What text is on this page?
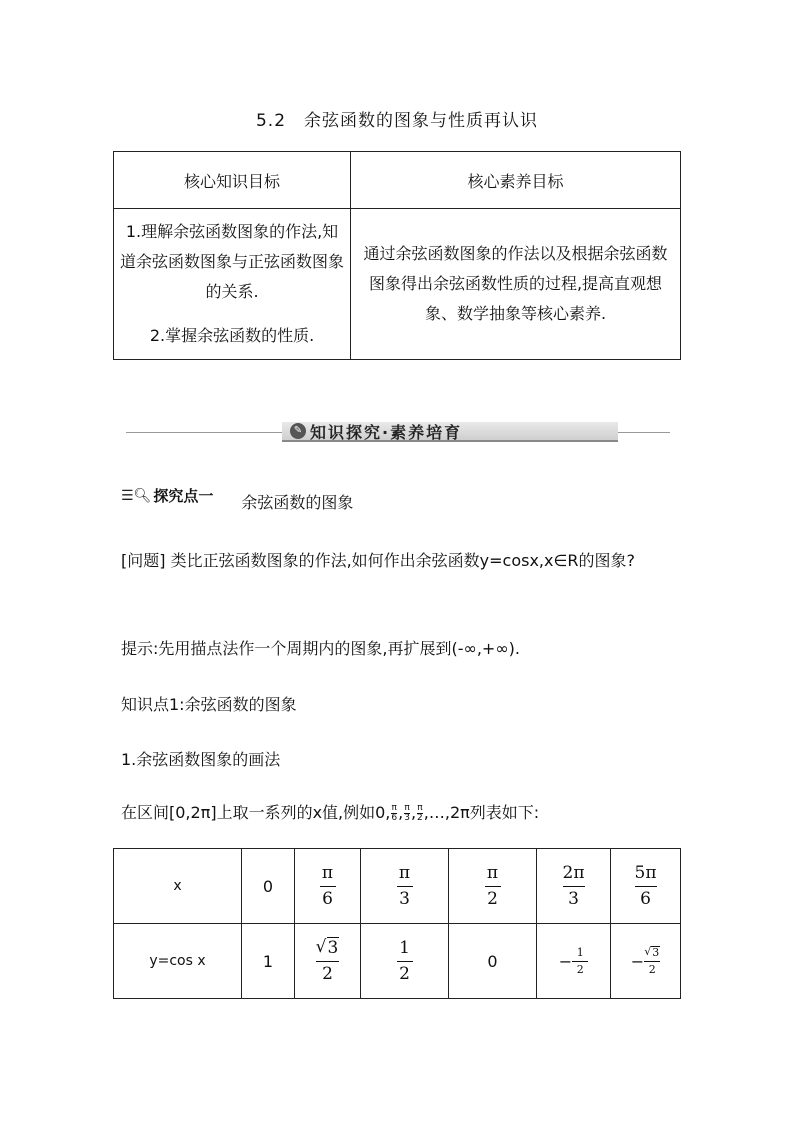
5.2　余弦函数的图象与性质再认识
核心知识目标	核心素养目标

1.理解余弦函数图象的作法,知道余弦函数图象与正弦函数图象的关系.

2.掌握余弦函数的性质.	通过余弦函数图象的作法以及根据余弦函数图象得出余弦函数性质的过程,提高直观想象、数学抽象等核心素养.
✎ 知识探究·素养培育
☰🔍︎ 探究点一 余弦函数的图象
[问题] 类比正弦函数图象的作法,如何作出余弦函数y=cosx,x∈R的图象?
提示:先用描点法作一个周期内的图象,再扩展到(-∞,+∞).
知识点1:余弦函数的图象
1.余弦函数图象的画法
在区间[0,2π]上取一系列的x值,例如0, $\frac{\pi}{6}$ , $\frac{\pi}{3}$ , $\frac{\pi}{2}$ ,…,2π列表如下:
x	0	$\frac{\pi}{6}$	$\frac{\pi}{3}$	$\frac{\pi}{2}$	$\frac{2\pi}{3}$	$\frac{5\pi}{6}$

y=cos x	1	$\frac{√ 3}{2}$	$\frac{1}{2}$	0	− $\frac{1}{2}$	− $\frac{√ 3}{2}$
